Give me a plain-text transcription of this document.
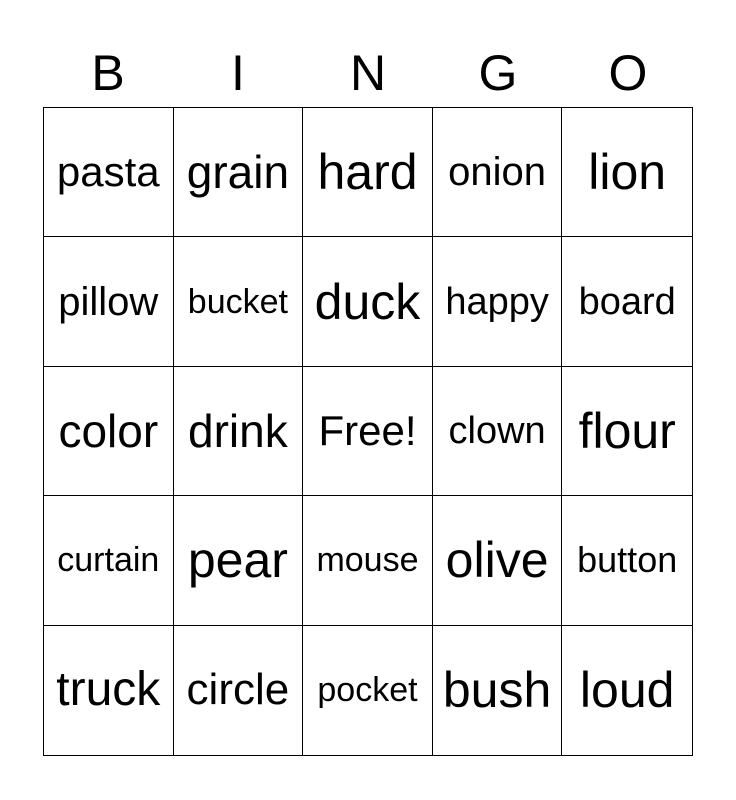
B	I	N	G	O
pasta grain hard onion lion
pillow bucket duck happy board
color drink Free! clown flour
curtain pear mouse olive button
truck circle pocket bush loud
